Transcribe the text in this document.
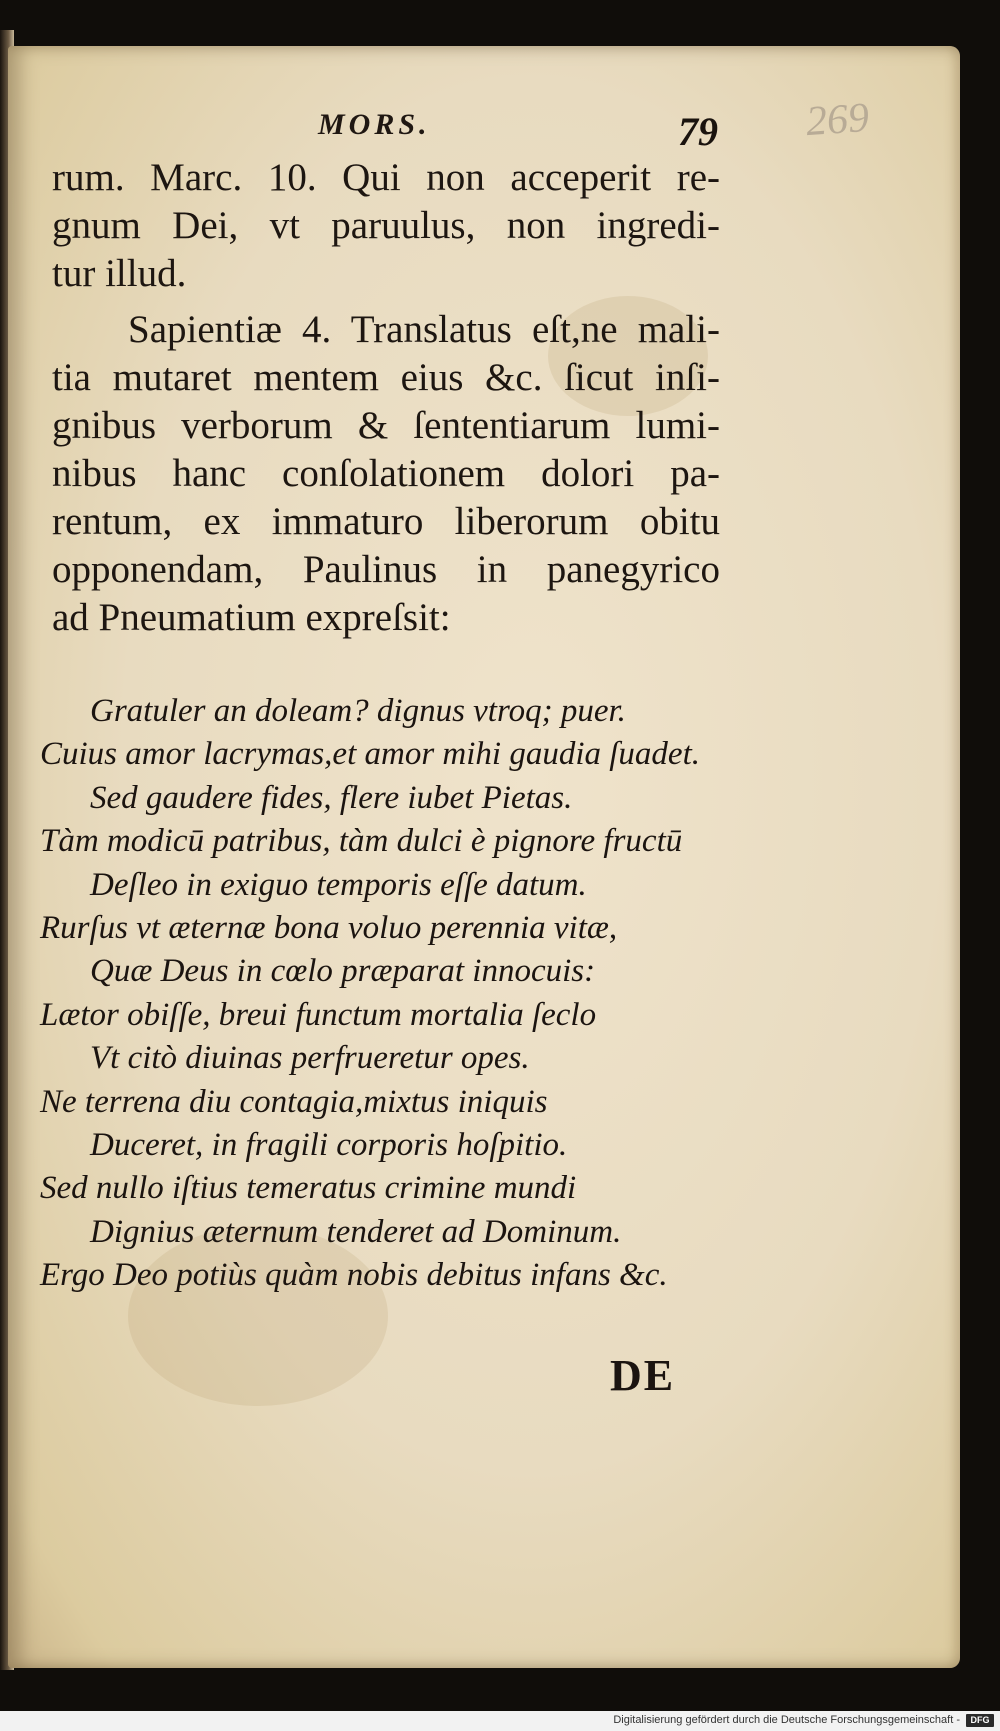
MORS.	79 269
rum. Marc. 10. Qui non acceperit re-
gnum Dei, vt paruulus, non ingredi-
tur illud.
Sapientiæ 4. Translatus eſt,ne mali-
tia mutaret mentem eius &c. ſicut inſi-
gnibus verborum & ſententiarum lumi-
nibus hanc conſolationem dolori pa-
rentum, ex immaturo liberorum obitu
opponendam, Paulinus in panegyrico
ad Pneumatium expreſsit:
Gratuler an doleam? dignus vtroq; puer.
Cuius amor lacrymas,et amor mihi gaudia ſuadet.
Sed gaudere fides, flere iubet Pietas.
Tàm modicū patribus, tàm dulci è pignore fructū
Deſleo in exiguo temporis eſſe datum.
Rurſus vt æternæ bona voluo perennia vitæ,
Quæ Deus in cœlo præparat innocuis:
Lætor obiſſe, breui functum mortalia ſeclo
Vt citò diuinas perfrueretur opes.
Ne terrena diu contagia,mixtus iniquis
Duceret, in fragili corporis hoſpitio.
Sed nullo iſtius temeratus crimine mundi
Dignius æternum tenderet ad Dominum.
Ergo Deo potiùs quàm nobis debitus infans &c.
DE
Digitalisierung gefördert durch die Deutsche Forschungsgemeinschaft -	DFG
